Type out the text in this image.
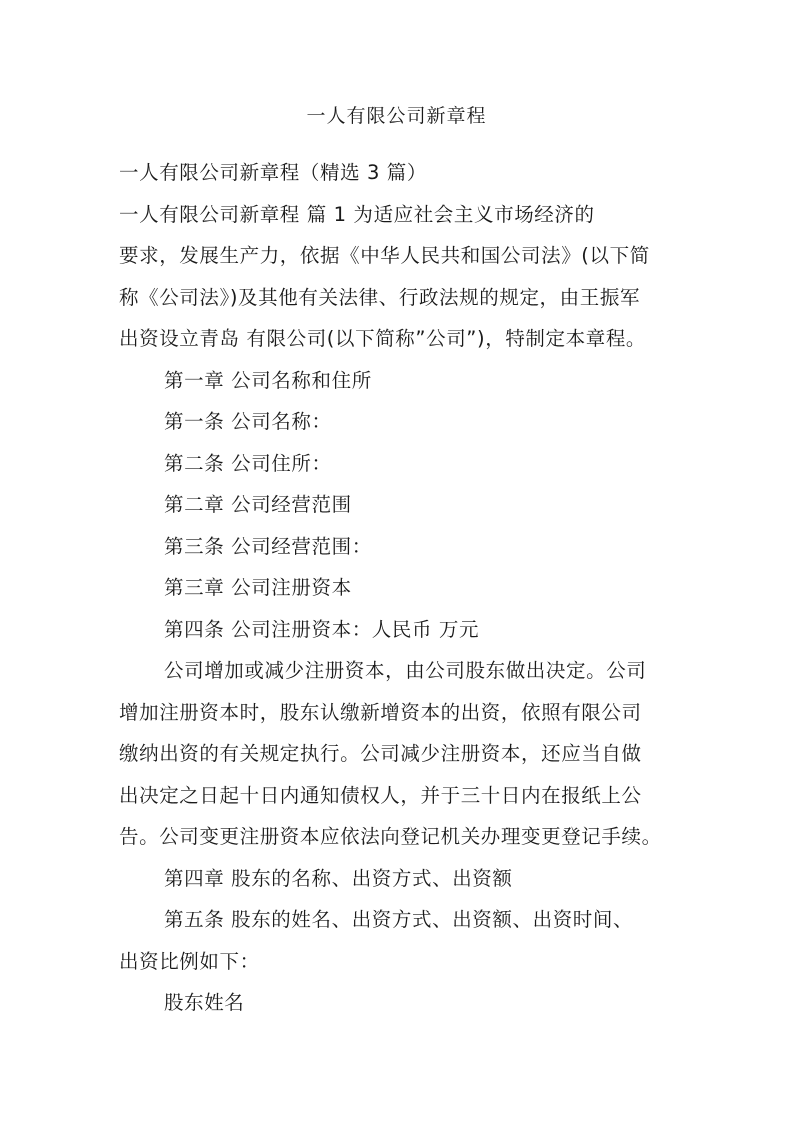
一人有限公司新章程
一人有限公司新章程（精选 3 篇）
一人有限公司新章程 篇 1 为适应社会主义市场经济的
要求，发展生产力，依据《中华人民共和国公司法》(以下简
称《公司法》)及其他有关法律、行政法规的规定，由王振军
出资设立青岛 有限公司(以下简称”公司”)，特制定本章程。
第一章 公司名称和住所
第一条 公司名称：
第二条 公司住所：
第二章 公司经营范围
第三条 公司经营范围：
第三章 公司注册资本
第四条 公司注册资本：人民币 万元
公司增加或减少注册资本，由公司股东做出决定。公司
增加注册资本时，股东认缴新增资本的出资，依照有限公司
缴纳出资的有关规定执行。公司减少注册资本，还应当自做
出决定之日起十日内通知债权人，并于三十日内在报纸上公
告。公司变更注册资本应依法向登记机关办理变更登记手续。
第四章 股东的名称、出资方式、出资额
第五条 股东的姓名、出资方式、出资额、出资时间、
出资比例如下：
股东姓名
